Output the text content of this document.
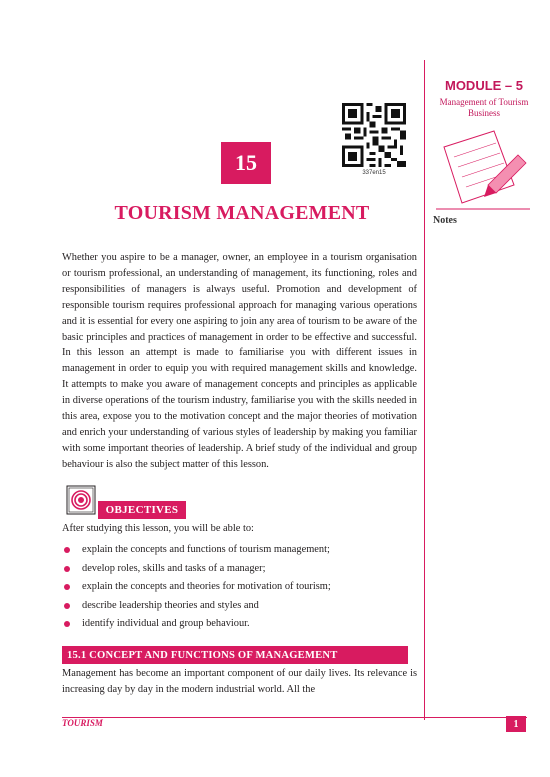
MODULE – 5
Management of Tourism Business
Notes
337en15
15
TOURISM MANAGEMENT

Whether you aspire to be a manager, owner, an employee in a tourism organisation or tourism professional, an understanding of management, its functioning, roles and responsibilities of managers is always useful. Promotion and development of responsible tourism requires professional approach for managing various operations and it is essential for every one aspiring to join any area of tourism to be aware of the basic principles and practices of management in order to be effective and successful. In this lesson an attempt is made to familiarise you with different issues in management in order to equip you with required management skills and knowledge. It attempts to make you aware of management concepts and principles as applicable in diverse operations of the tourism industry, familiarise you with the skills needed in this area, expose you to the motivation concept and the major theories of motivation and enrich your understanding of various styles of leadership by making you familiar with some important theories of leadership. A brief study of the individual and group behaviour is also the subject matter of this lesson.

OBJECTIVES

After studying this lesson, you will be able to:

explain the concepts and functions of tourism management;
develop roles, skills and tasks of a manager;
explain the concepts and theories for motivation of tourism;
describe leadership theories and styles and
identify individual and group behaviour.
15.1 CONCEPT AND FUNCTIONS OF MANAGEMENT

Management has become an important component of our daily lives. Its relevance is increasing day by day in the modern industrial world. All the

TOURISM	1
